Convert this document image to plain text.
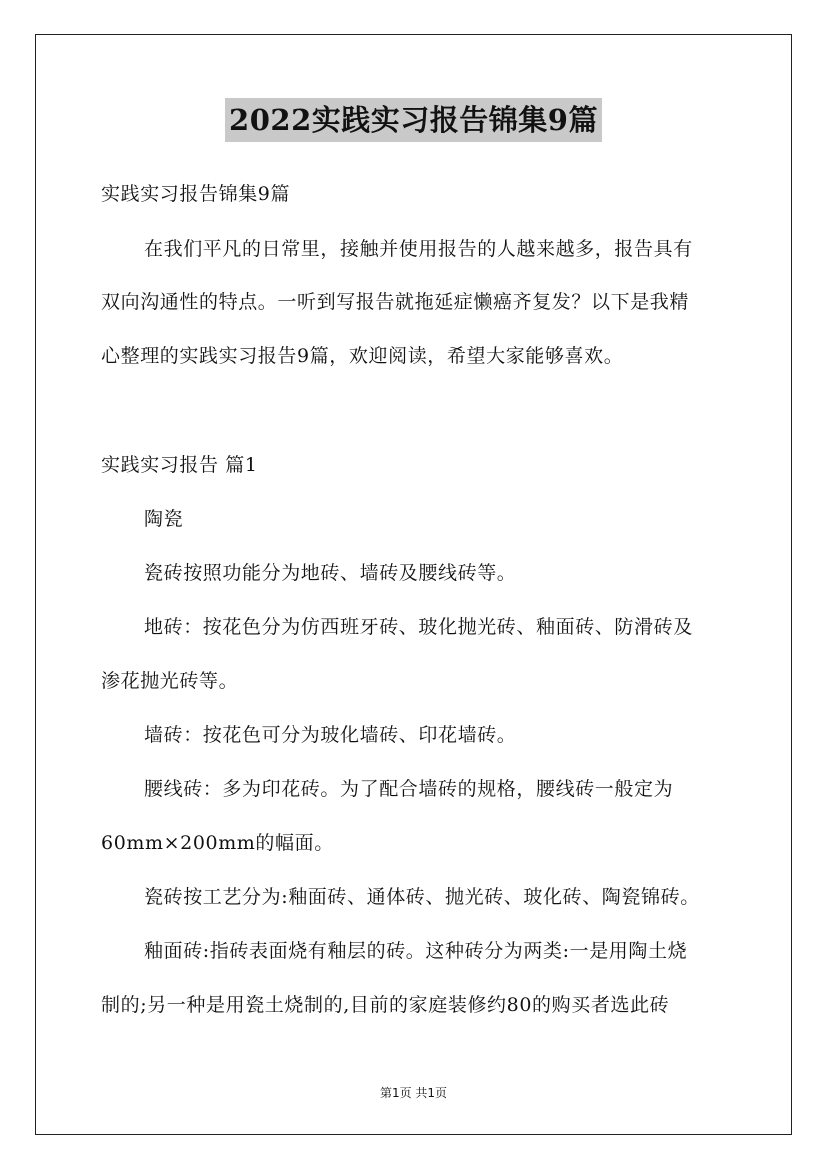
2022实践实习报告锦集9篇
实践实习报告锦集9篇
在我们平凡的日常里，接触并使用报告的人越来越多，报告具有
双向沟通性的特点。一听到写报告就拖延症懒癌齐复发？以下是我精
心整理的实践实习报告9篇，欢迎阅读，希望大家能够喜欢。
实践实习报告 篇1
陶瓷
瓷砖按照功能分为地砖、墙砖及腰线砖等。
地砖：按花色分为仿西班牙砖、玻化抛光砖、釉面砖、防滑砖及
渗花抛光砖等。
墙砖：按花色可分为玻化墙砖、印花墙砖。
腰线砖：多为印花砖。为了配合墙砖的规格，腰线砖一般定为
60mm×200mm的幅面。
瓷砖按工艺分为:釉面砖、通体砖、抛光砖、玻化砖、陶瓷锦砖。
釉面砖:指砖表面烧有釉层的砖。这种砖分为两类:一是用陶土烧
制的;另一种是用瓷土烧制的,目前的家庭装修约80的购买者选此砖
第1页 共1页
